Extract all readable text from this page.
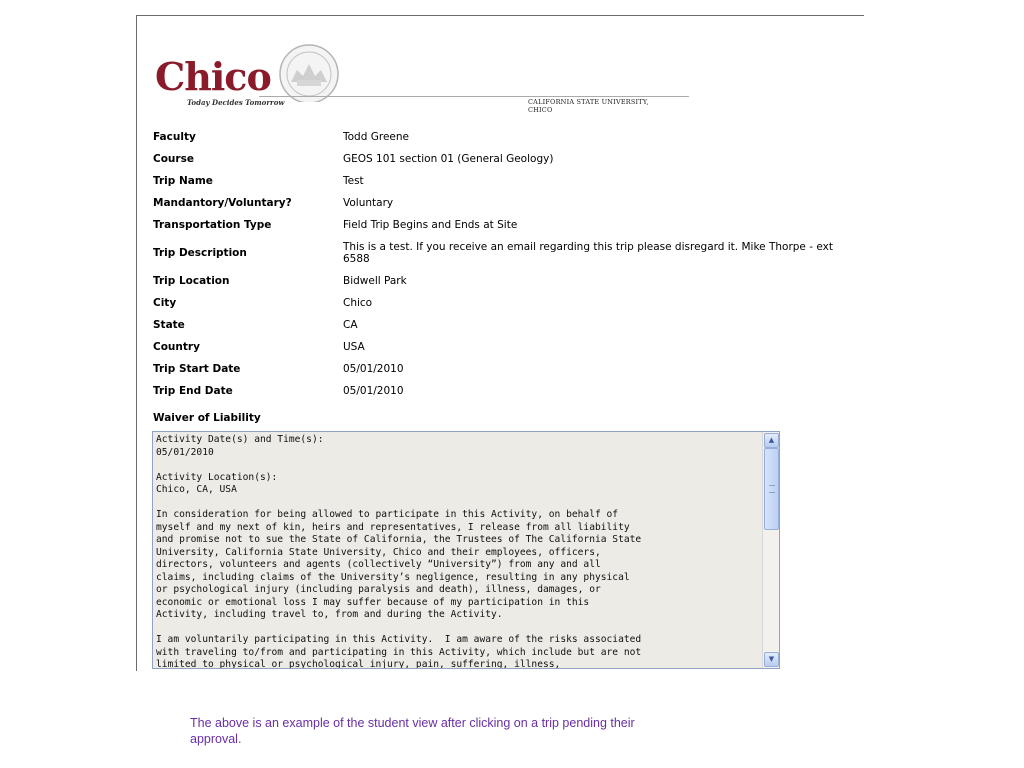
Chico
Today Decides Tomorrow	CALIFORNIA STATE UNIVERSITY, CHICO
Faculty	Todd Greene
Course	GEOS 101 section 01 (General Geology)
Trip Name	Test
Mandantory/Voluntary?	Voluntary
Transportation Type	Field Trip Begins and Ends at Site
Trip Description	This is a test. If you receive an email regarding this trip please disregard it. Mike Thorpe - ext 6588
Trip Location	Bidwell Park
City	Chico
State	CA
Country	USA
Trip Start Date	05/01/2010
Trip End Date	05/01/2010
Waiver of Liability
Activity Date(s) and Time(s):
05/01/2010

Activity Location(s):
Chico, CA, USA

In consideration for being allowed to participate in this Activity, on behalf of
myself and my next of kin, heirs and representatives, I release from all liability
and promise not to sue the State of California, the Trustees of The California State
University, California State University, Chico and their employees, officers,
directors, volunteers and agents (collectively “University”) from any and all
claims, including claims of the University’s negligence, resulting in any physical
or psychological injury (including paralysis and death), illness, damages, or
economic or emotional loss I may suffer because of my participation in this
Activity, including travel to, from and during the Activity.

I am voluntarily participating in this Activity.  I am aware of the risks associated
with traveling to/from and participating in this Activity, which include but are not
limited to physical or psychological injury, pain, suffering, illness,
▲
▼
The above is an example of the student view after clicking on a trip pending their approval.
